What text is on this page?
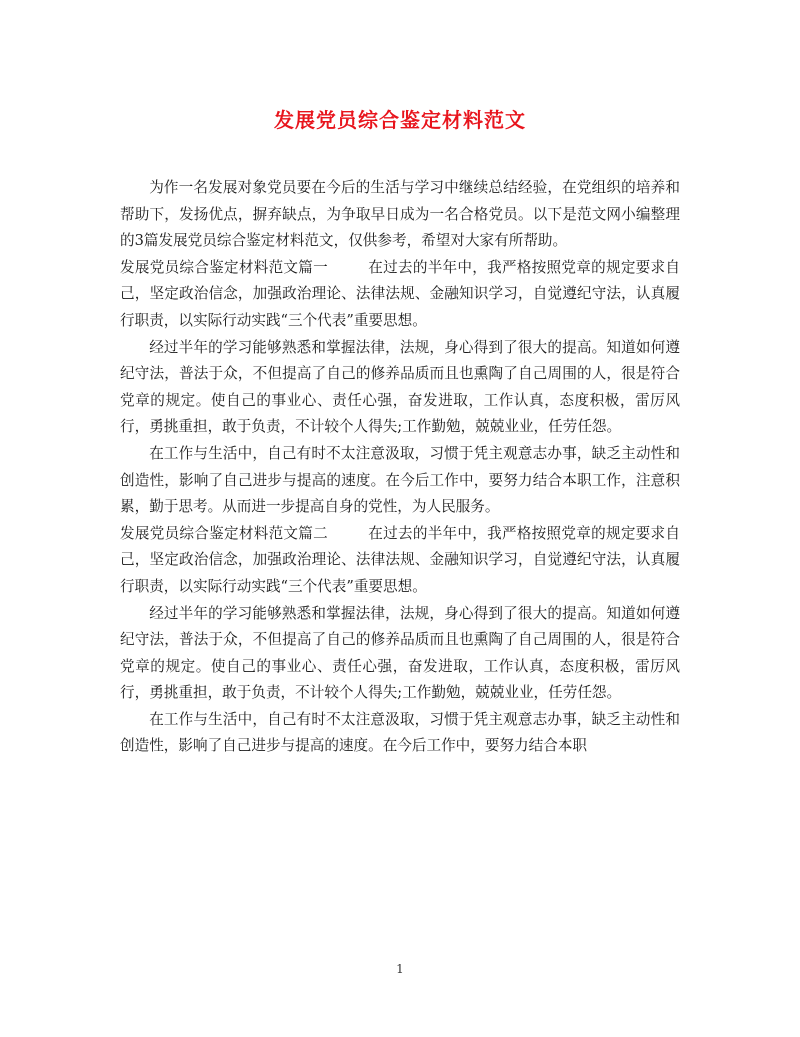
发展党员综合鉴定材料范文

为作一名发展对象党员要在今后的生活与学习中继续总结经验，在党组织的培养和帮助下，发扬优点，摒弃缺点，为争取早日成为一名合格党员。以下是范文网小编整理的3篇发展党员综合鉴定材料范文，仅供参考，希望对大家有所帮助。

发展党员综合鉴定材料范文篇一	在过去的半年中，我严格按照党章的规定要求自己，坚定政治信念，加强政治理论、法律法规、金融知识学习，自觉遵纪守法，认真履行职责，以实际行动实践“三个代表”重要思想。

经过半年的学习能够熟悉和掌握法律，法规，身心得到了很大的提高。知道如何遵纪守法，普法于众，不但提高了自己的修养品质而且也熏陶了自己周围的人，很是符合党章的规定。使自己的事业心、责任心强，奋发进取，工作认真，态度积极，雷厉风行，勇挑重担，敢于负责，不计较个人得失;工作勤勉，兢兢业业，任劳任怨。

在工作与生活中，自己有时不太注意汲取，习惯于凭主观意志办事，缺乏主动性和创造性，影响了自己进步与提高的速度。在今后工作中，要努力结合本职工作，注意积累，勤于思考。从而进一步提高自身的党性，为人民服务。

发展党员综合鉴定材料范文篇二	在过去的半年中，我严格按照党章的规定要求自己，坚定政治信念，加强政治理论、法律法规、金融知识学习，自觉遵纪守法，认真履行职责，以实际行动实践“三个代表”重要思想。

经过半年的学习能够熟悉和掌握法律，法规，身心得到了很大的提高。知道如何遵纪守法，普法于众，不但提高了自己的修养品质而且也熏陶了自己周围的人，很是符合党章的规定。使自己的事业心、责任心强，奋发进取，工作认真，态度积极，雷厉风行，勇挑重担，敢于负责，不计较个人得失;工作勤勉，兢兢业业，任劳任怨。

在工作与生活中，自己有时不太注意汲取，习惯于凭主观意志办事，缺乏主动性和创造性，影响了自己进步与提高的速度。在今后工作中，要努力结合本职

1
